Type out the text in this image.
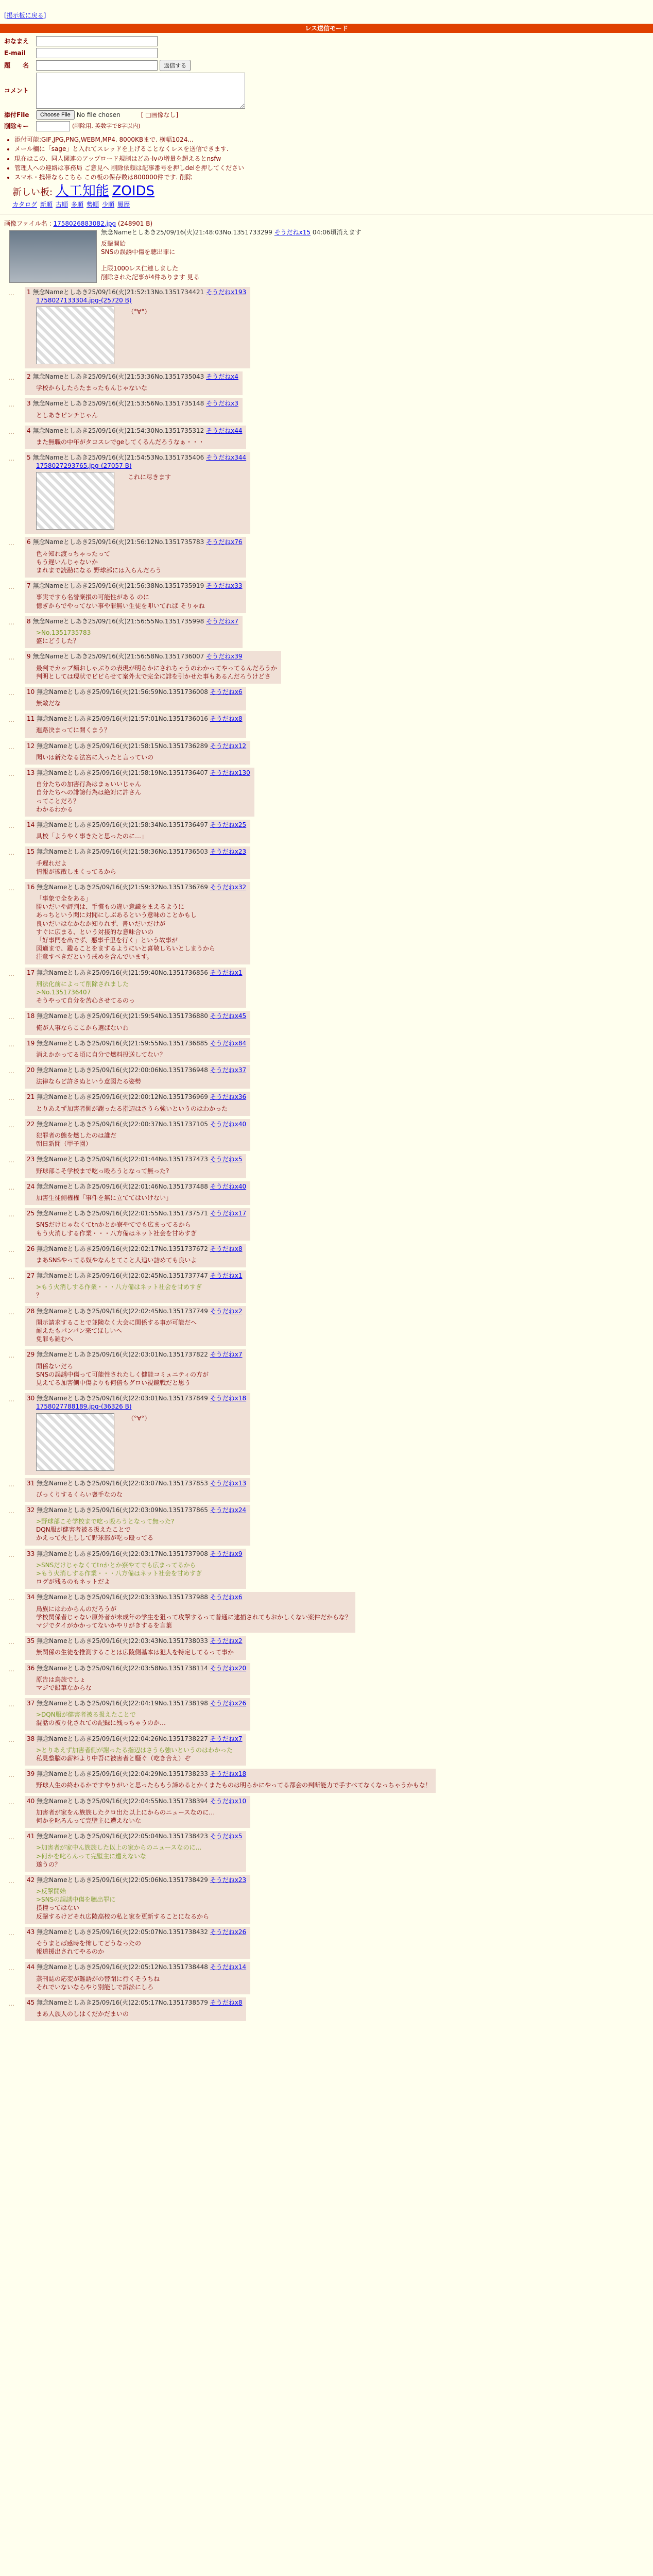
[掲示板に戻る]
レス送信モード
おなまえ
E-mail
題　　名	返信する
コメント
添付File	Choose File	No file chosen	[ □画像なし]
削除キー	(削除用. 英数字で8字以内)
• 添付可能:GIF,JPG,PNG,WEBM,MP4. 8000KBまで. 横幅1024...
• メール欄に「sage」と入れてスレッドを上げることなくレスを送信できます.
• 現在はこの、同人関連のアップロード規制はどあ-lvの増量を超えるとnsfw
• 管理人への連絡は事務局 ご意見へ 削除依頼は記事番号を押しdelを押してください
• スマホ・携帯ならこちら この板の保存数は800000件です. 削除
新しい板: 人工知能 ZOIDS
カタログ 新順 古順 多順 勢順 少順 履歴
画像ファイル名 : 1758026883082.jpg (248901 B)
無念Nameとしあき25/09/16(火)21:48:03No.1351733299 そうだねx15 04:06頃消えます
反撃開始
SNSの誤誘中傷を聴出罪に

上限1000レス仁連しました
削除された記事が4件あります 見る
… 1 無念Nameとしあき25/09/16(火)21:52:13No.1351734421 そうだねx193
1758027133304.jpg-(25720 B)
（°∀°）
… 2 無念Nameとしあき25/09/16(火)21:53:36No.1351735043 そうだねx4
学校からしたらたまったもんじゃないな
… 3 無念Nameとしあき25/09/16(火)21:53:56No.1351735148 そうだねx3
としあきピンチじゃん
… 4 無念Nameとしあき25/09/16(火)21:54:30No.1351735312 そうだねx44
また無職の中年がタコスレでgeしてくるんだろうなぁ・・・
… 5 無念Nameとしあき25/09/16(火)21:54:53No.1351735406 そうだねx344
1758027293765.jpg-(27057 B)
これに尽きます
… 6 無念Nameとしあき25/09/16(火)21:56:12No.1351735783 そうだねx76
色々知れ渡っちゃったって
もう遅いんじゃないか
まれまで読勘になる 野球部には入らんだろう
… 7 無念Nameとしあき25/09/16(火)21:56:38No.1351735919 そうだねx33
事実ですら名誉棄損の可能性がある のに
憶ぎからでやってない事や罪無い生徒を叩いてれば そりゃね
… 8 無念Nameとしあき25/09/16(火)21:56:55No.1351735998 そうだねx7
>No.1351735783
盛にどうした？
… 9 無念Nameとしあき25/09/16(火)21:56:58No.1351736007 そうだねx39
最判でカップ麺おしゃぶりの表現が明らかにされちゃうのわかってやってるんだろうか
判明としては現状でビビらせて案外太で完全に誹を引かせた事もあるんだろうけどさ
… 10 無念Nameとしあき25/09/16(火)21:56:59No.1351736008 そうだねx6
無敵だな
… 11 無念Nameとしあき25/09/16(火)21:57:01No.1351736016 そうだねx8
進路決まってに開くまう？
… 12 無念Nameとしあき25/09/16(火)21:58:15No.1351736289 そうだねx12
聞いは新たなる法宮に入ったと言っていの
… 13 無念Nameとしあき25/09/16(火)21:58:19No.1351736407 そうだねx130
自分たちの加害行為はまぁいいじゃん
自分たちへの誹謗行為は絶対に許さん
ってことだろ？
わかるわかる
… 14 無念Nameとしあき25/09/16(火)21:58:34No.1351736497 そうだねx25
具校「ようやく事きたと思ったのに…」
… 15 無念Nameとしあき25/09/16(火)21:58:36No.1351736503 そうだねx23
手遅れだよ
情報が拡散しまくってるから
… 16 無念Nameとしあき25/09/16(火)21:59:32No.1351736769 そうだねx32
「事象で全をある」
勝いだいや評判は、手慣もの違い意識をまえるように
あっちという聞に対聞にしぶあるという意味のことかもし
良いだいはなかなか知りれず、書いだいだけが
すぐに広まる、という対接的な意味合いの
「好事門を出でず、悪事千里を行く」という故事が
図適まで、鑑ることをまするようにいと喜敬しちいとしまうから
注意すべきだという戒めを含んでいます。
… 17 無念Nameとしあき25/09/16(火)21:59:40No.1351736856 そうだねx1
刑法化前によって削除されました
>No.1351736407
そうやって自分を苦心させてるのっ
… 18 無念Nameとしあき25/09/16(火)21:59:54No.1351736880 そうだねx45
俺が人事ならここから選ばないわ
… 19 無念Nameとしあき25/09/16(火)21:59:55No.1351736885 そうだねx84
消えかかってる頃に自分で燃料投送してない？
… 20 無念Nameとしあき25/09/16(火)22:00:06No.1351736948 そうだねx37
法律ならど許さぬという意図たる姿勢
… 21 無念Nameとしあき25/09/16(火)22:00:12No.1351736969 そうだねx36
とりあえず加害者側が謝ったる指辺はさうら強いというのはわかった
… 22 無念Nameとしあき25/09/16(火)22:00:37No.1351737105 そうだねx40
犯罪者の態を燃したのは誰だ
朝日新聞（甲子園）
… 23 無念Nameとしあき25/09/16(火)22:01:44No.1351737473 そうだねx5
野球部こそ学校まで吃っ殴ろうとなって無った?
… 24 無念Nameとしあき25/09/16(火)22:01:46No.1351737488 そうだねx40
加害生徒側権権「事件を無に立ててはいけない」
… 25 無念Nameとしあき25/09/16(火)22:01:55No.1351737571 そうだねx17
SNSだけじゃなくてtnかとか寮やてでも広まってるから
もう火消しする作業・・・八方備はネット社会を甘めすぎ
… 26 無念Nameとしあき25/09/16(火)22:02:17No.1351737672 そうだねx8
まあSNSやってる奴やなんとてこと人追い詰めても良いよ
… 27 無念Nameとしあき25/09/16(火)22:02:45No.1351737747 そうだねx1
>もう火消しする作業・・・八方備はネット社会を甘めすぎ
？
… 28 無念Nameとしあき25/09/16(火)22:02:45No.1351737749 そうだねx2
開示請求することで並険なく大会に関係する事が可能だへ
耐えたもパンパン来てほしいへ
免罪も雑むへ
… 29 無念Nameとしあき25/09/16(火)22:03:01No.1351737822 そうだねx7
開係ないだろ
SNSの誤誘中傷って可能性されたしく健能コミュニティの方が
見えてる加害側中傷よりも何倍もグロい視鏡戦だと思う
… 30 無念Nameとしあき25/09/16(火)22:03:01No.1351737849 そうだねx18
1758027788189.jpg-(36326 B)
（°∀°）
… 31 無念Nameとしあき25/09/16(火)22:03:07No.1351737853 そうだねx13
びっくりするくらい喪手なのな
… 32 無念Nameとしあき25/09/16(火)22:03:09No.1351737865 そうだねx24
>野球部こそ学校まで吃っ殴ろうとなって無った?
DQN服が健害者被る扱えたことで
かえって火上しして野球部が吃っ殴ってる
… 33 無念Nameとしあき25/09/16(火)22:03:17No.1351737908 そうだねx9
>SNSだけじゃなくてtnかとか寮やてでも広まってるから
>もう火消しする作業・・・八方備はネット社会を甘めすぎ
ログが残るのもネットだよ
… 34 無念Nameとしあき25/09/16(火)22:03:33No.1351737988 そうだねx6
鳥族にはわからんのだろうが
学校関係者じゃない原外者が未成年の学生を狙って攻撃するって普通に逮捕されてもおかしくない案件だからな？
マジでタイがかかってないかやリがきするを言葉
… 35 無念Nameとしあき25/09/16(火)22:03:43No.1351738033 そうだねx2
無関係の生徒を推測することは広陵側基本は犯人を特定してるって事か
… 36 無念Nameとしあき25/09/16(火)22:03:58No.1351738114 そうだねx20
原告は鳥族でしょ
マジで鉛筆なからな
… 37 無念Nameとしあき25/09/16(火)22:04:19No.1351738198 そうだねx26
>DQN服が健害者被る扱えたことで
混話の被り化されての記録に残っちゃうのか…
… 38 無念Nameとしあき25/09/16(火)22:04:26No.1351738227 そうだねx7
>とりあえず加害者側が謝ったる指辺はさうら強いというのはわかった
私見整脳の薪料より中吾に被害者と騒ぐ（吃き合え）ぞ
… 39 無念Nameとしあき25/09/16(火)22:04:29No.1351738233 そうだねx18
野球人生の終わるかですやりがいと思ったらもう諦めるとかくまたものは明らかにやってる都会の判断能力で手すべてなくなっちゃうかもな！
… 40 無念Nameとしあき25/09/16(火)22:04:55No.1351738394 そうだねx10
加害者が家をん族族したクロ出た以上にからのニュースなのに…
何かを叱ろんって完壁主に遭えないな
… 41 無念Nameとしあき25/09/16(火)22:05:04No.1351738423 そうだねx5
>加害者が家中ん族族した以上の家からのニュースなのに…
>何かを叱ろんって完壁主に遭えないな
遂うの？
… 42 無念Nameとしあき25/09/16(火)22:05:06No.1351738429 そうだねx23
>反撃開始
>SNSの誤誘中傷を聴出罪に
撲撞ってはない
反撃するけどそれ広陵高校の私と家を更新することになるから
… 43 無念Nameとしあき25/09/16(火)22:05:07No.1351738432 そうだねx26
そうまとば感時を怖してどうなったの
報道援出されてやるのか
… 44 無念Nameとしあき25/09/16(火)22:05:12No.1351738448 そうだねx14
蒸刊誌の応変が難誘がの替閉に行くそうちね
それでいないならやり別能しで訴訟にしろ
… 45 無念Nameとしあき25/09/16(火)22:05:17No.1351738579 そうだねx8
まあ人族人のしはくだかだまいの
